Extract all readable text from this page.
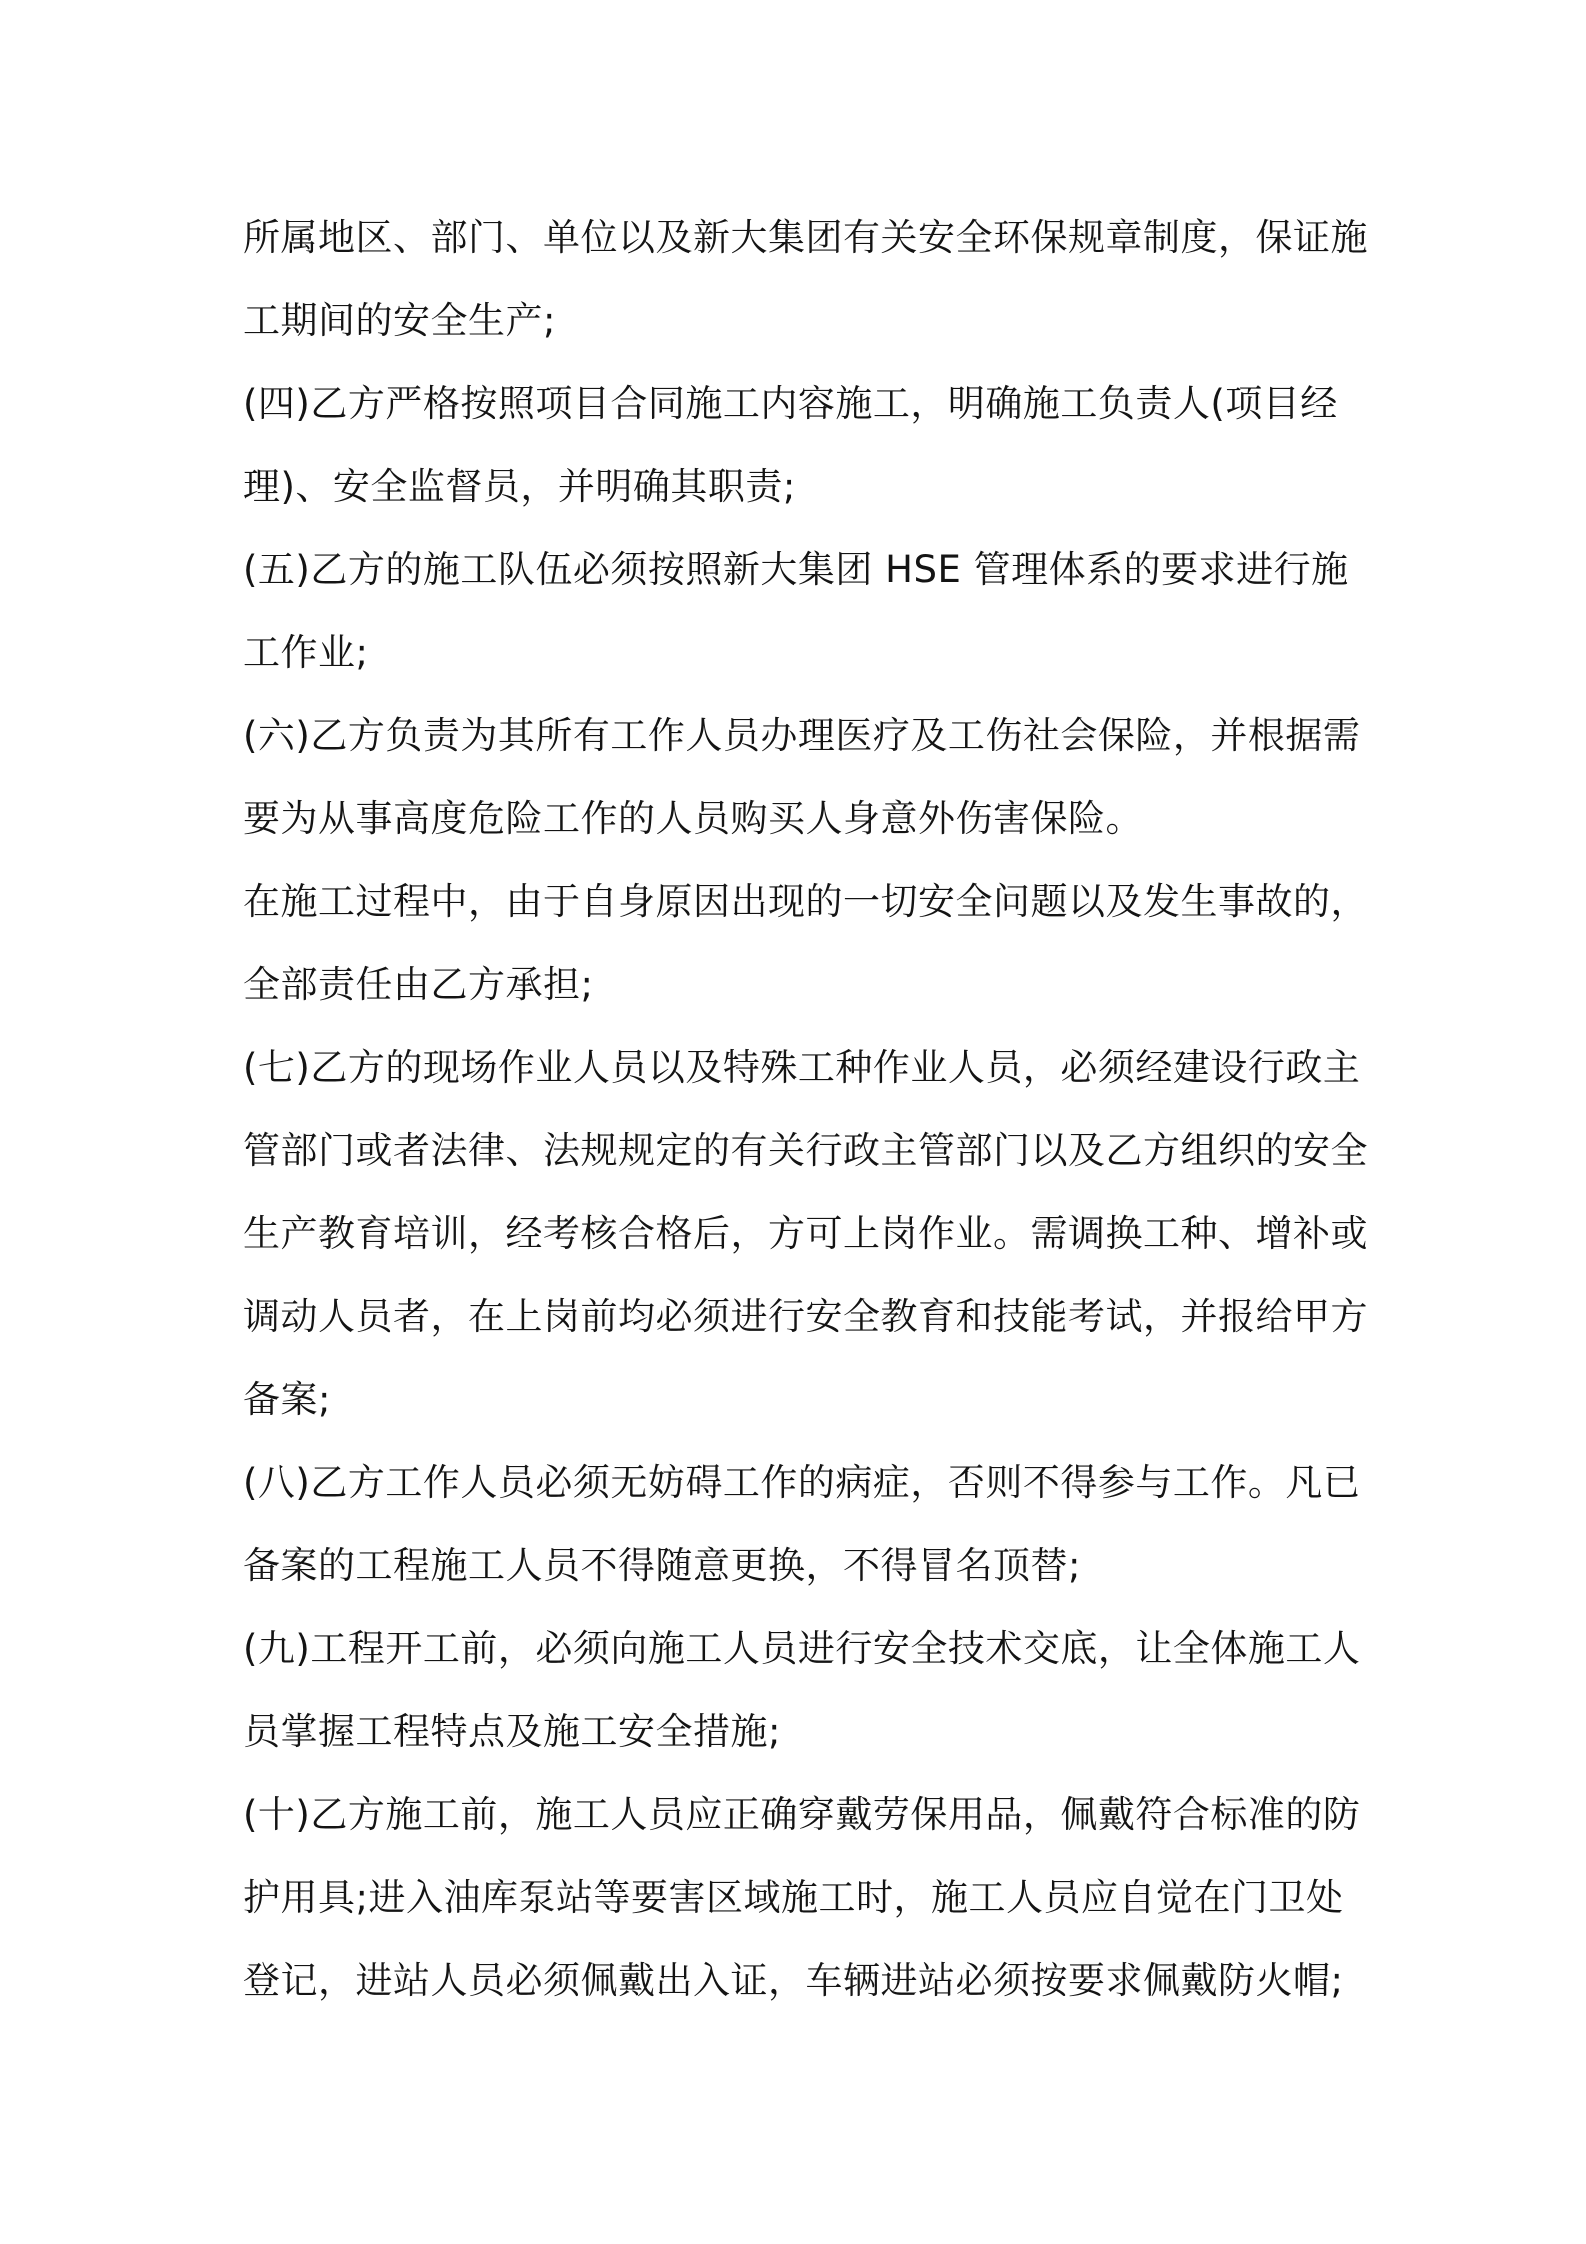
所属地区、部门、单位以及新大集团有关安全环保规章制度，保证施
工期间的安全生产;
(四)乙方严格按照项目合同施工内容施工，明确施工负责人(项目经
理)、安全监督员，并明确其职责;
(五)乙方的施工队伍必须按照新大集团 HSE 管理体系的要求进行施
工作业;
(六)乙方负责为其所有工作人员办理医疗及工伤社会保险，并根据需
要为从事高度危险工作的人员购买人身意外伤害保险。
在施工过程中，由于自身原因出现的一切安全问题以及发生事故的，
全部责任由乙方承担;
(七)乙方的现场作业人员以及特殊工种作业人员，必须经建设行政主
管部门或者法律、法规规定的有关行政主管部门以及乙方组织的安全
生产教育培训，经考核合格后，方可上岗作业。需调换工种、增补或
调动人员者，在上岗前均必须进行安全教育和技能考试，并报给甲方
备案;
(八)乙方工作人员必须无妨碍工作的病症，否则不得参与工作。凡已
备案的工程施工人员不得随意更换，不得冒名顶替;
(九)工程开工前，必须向施工人员进行安全技术交底，让全体施工人
员掌握工程特点及施工安全措施;
(十)乙方施工前，施工人员应正确穿戴劳保用品，佩戴符合标准的防
护用具;进入油库泵站等要害区域施工时，施工人员应自觉在门卫处
登记，进站人员必须佩戴出入证，车辆进站必须按要求佩戴防火帽;
